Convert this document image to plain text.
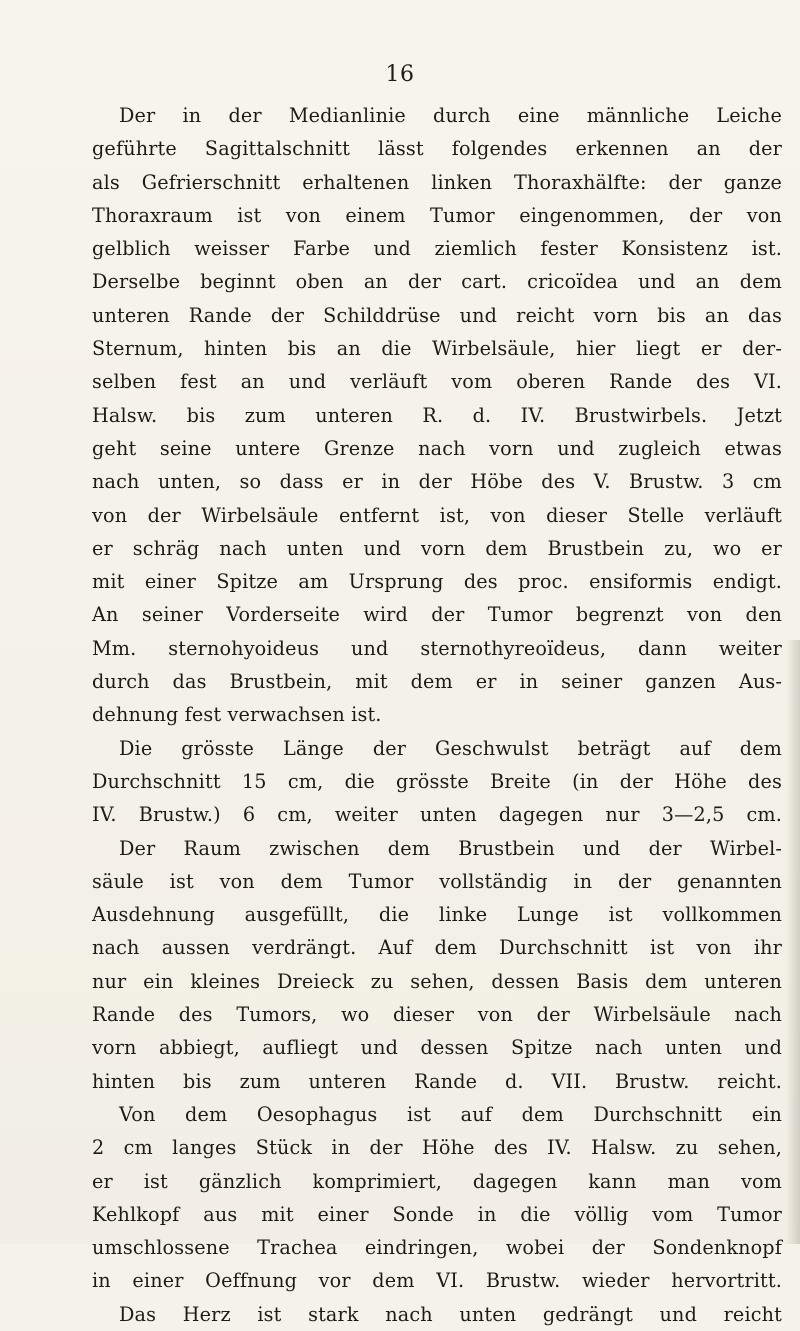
16
Der in der Medianlinie durch eine männliche Leiche
geführte Sagittalschnitt lässt folgendes erkennen an der
als Gefrierschnitt erhaltenen linken Thoraxhälfte: der ganze
Thoraxraum ist von einem Tumor eingenommen, der von
gelblich weisser Farbe und ziemlich fester Konsistenz ist.
Derselbe beginnt oben an der cart. cricoïdea und an dem
unteren Rande der Schilddrüse und reicht vorn bis an das
Sternum, hinten bis an die Wirbelsäule, hier liegt er der-
selben fest an und verläuft vom oberen Rande des VI.
Halsw. bis zum unteren R. d. IV. Brustwirbels. Jetzt
geht seine untere Grenze nach vorn und zugleich etwas
nach unten, so dass er in der Höbe des V. Brustw. 3 cm
von der Wirbelsäule entfernt ist, von dieser Stelle verläuft
er schräg nach unten und vorn dem Brustbein zu, wo er
mit einer Spitze am Ursprung des proc. ensiformis endigt.
An seiner Vorderseite wird der Tumor begrenzt von den
Mm. sternohyoideus und sternothyreoïdeus, dann weiter
durch das Brustbein, mit dem er in seiner ganzen Aus-
dehnung fest verwachsen ist.
Die grösste Länge der Geschwulst beträgt auf dem
Durchschnitt 15 cm, die grösste Breite (in der Höhe des
IV. Brustw.) 6 cm, weiter unten dagegen nur 3—2,5 cm.
Der Raum zwischen dem Brustbein und der Wirbel-
säule ist von dem Tumor vollständig in der genannten
Ausdehnung ausgefüllt, die linke Lunge ist vollkommen
nach aussen verdrängt. Auf dem Durchschnitt ist von ihr
nur ein kleines Dreieck zu sehen, dessen Basis dem unteren
Rande des Tumors, wo dieser von der Wirbelsäule nach
vorn abbiegt, aufliegt und dessen Spitze nach unten und
hinten bis zum unteren Rande d. VII. Brustw. reicht.
Von dem Oesophagus ist auf dem Durchschnitt ein
2 cm langes Stück in der Höhe des IV. Halsw. zu sehen,
er ist gänzlich komprimiert, dagegen kann man vom
Kehlkopf aus mit einer Sonde in die völlig vom Tumor
umschlossene Trachea eindringen, wobei der Sondenknopf
in einer Oeffnung vor dem VI. Brustw. wieder hervortritt.
Das Herz ist stark nach unten gedrängt und reicht
